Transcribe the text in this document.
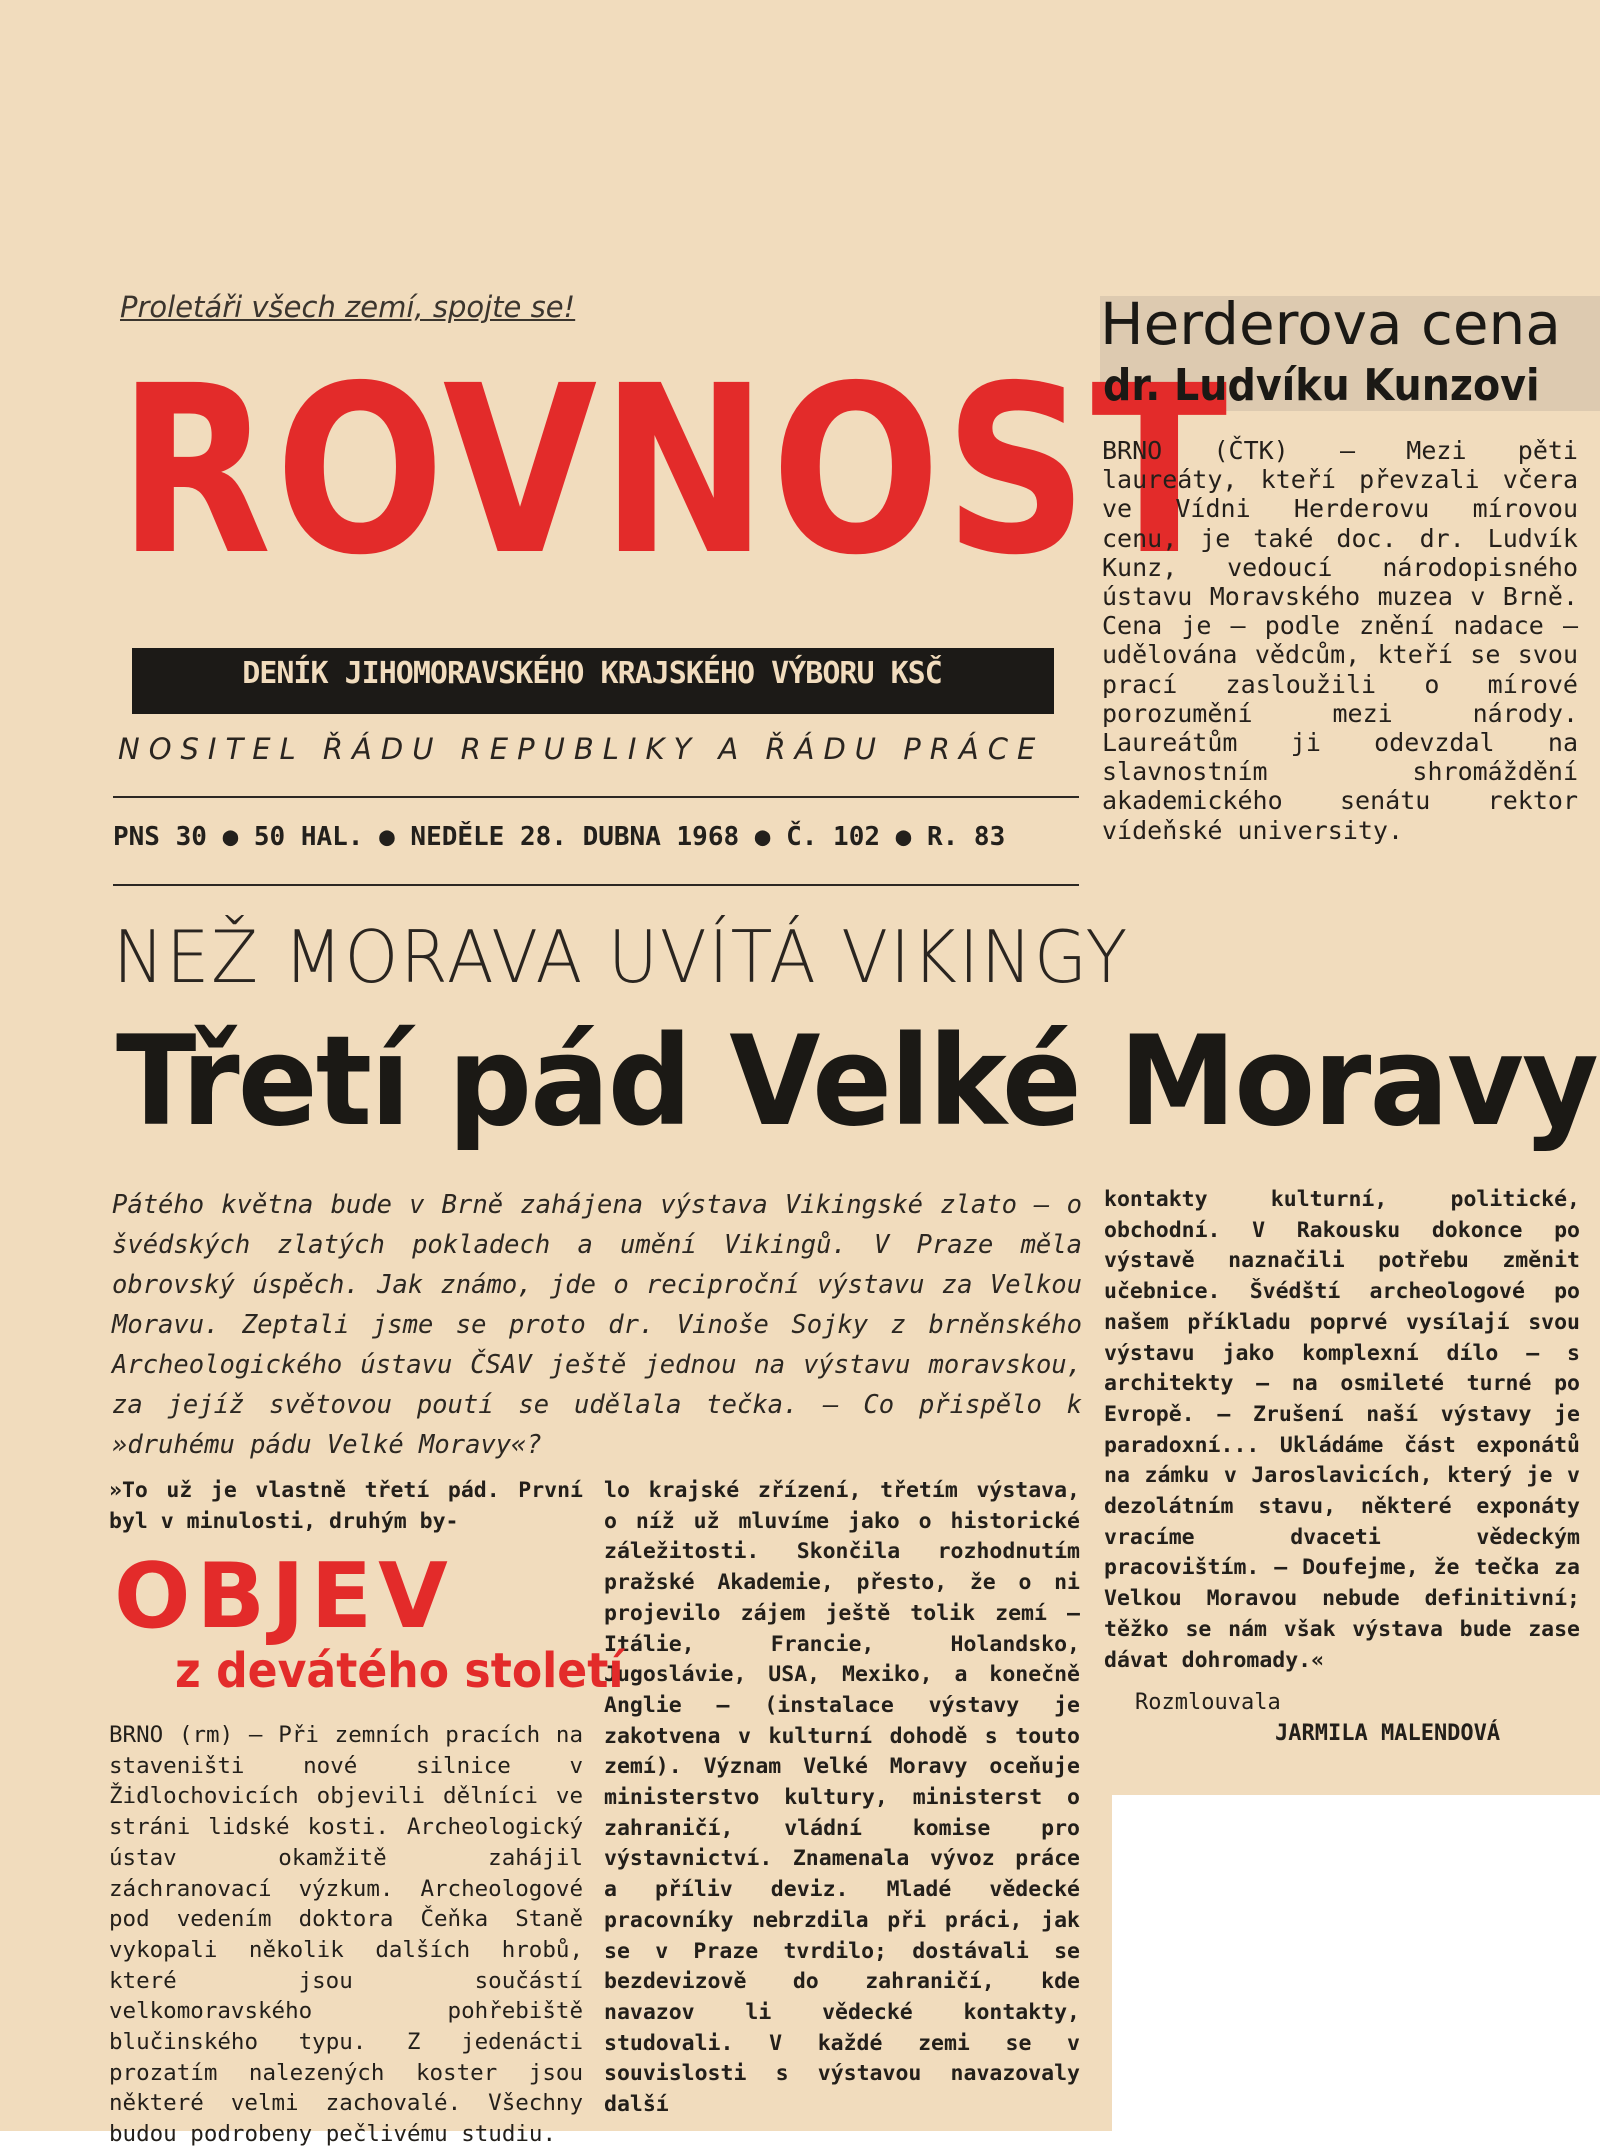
Proletáři všech zemí, spojte se!
ROVNOST
DENÍK JIHOMORAVSKÉHO KRAJSKÉHO VÝBORU KSČ
NOSITEL ŘÁDU REPUBLIKY A ŘÁDU PRÁCE
PNS 30 ● 50 HAL. ● NEDĚLE 28. DUBNA 1968 ● Č. 102 ● R. 83
Herderova cena
dr. Ludvíku Kunzovi
BRNO (ČTK) — Mezi pěti laureáty, kteří převzali včera ve Vídni Herderovu mírovou cenu, je také doc. dr. Ludvík Kunz, vedoucí národopisného ústavu Moravského muzea v Brně. Cena je — podle znění nadace — udělována vědcům, kteří se svou prací zasloužili o mírové porozumění mezi národy. Laureátům ji odevzdal na slavnostním shromáždění akademického senátu rektor vídeňské university.
NEŽ MORAVA UVÍTÁ VIKINGY
Třetí pád Velké Moravy
Pátého května bude v Brně zahájena výstava Vikingské zlato — o švédských zlatých pokladech a umění Vikingů. V Praze měla obrovský úspěch. Jak známo, jde o reciproční výstavu za Velkou Moravu. Zeptali jsme se proto dr. Vinoše Sojky z brněnského Archeologického ústavu ČSAV ještě jednou na výstavu moravskou, za jejíž světovou poutí se udělala tečka. — Co přispělo k »druhému pádu Velké Moravy«?
»To už je vlastně třetí pád. První byl v minulosti, druhým by-
lo krajské zřízení, třetím výstava, o níž už mluvíme jako o historické záležitosti. Skončila rozhodnutím pražské Akademie, přesto, že o ni projevilo zájem ještě tolik zemí — Itálie, Francie, Holandsko, Jugoslávie, USA, Mexiko, a konečně Anglie — (instalace výstavy je zakotvena v kulturní dohodě s touto zemí). Význam Velké Moravy oceňuje ministerstvo kultury, ministerst o zahraničí, vládní komise pro výstavnictví. Znamenala vývoz práce a příliv deviz. Mladé vědecké pracovníky nebrzdila při práci, jak se v Praze tvrdilo; dostávali se bezdevizově do zahraničí, kde navazov li vědecké kontakty, studovali. V každé zemi se v souvislosti s výstavou navazovaly další
kontakty kulturní, politické, obchodní. V Rakousku dokonce po výstavě naznačili potřebu změnit učebnice. Švédští archeologové po našem příkladu poprvé vysílají svou výstavu jako komplexní dílo — s architekty — na osmileté turné po Evropě. — Zrušení naší výstavy je paradoxní... Ukládáme část exponátů na zámku v Jaroslavicích, který je v dezolátním stavu, některé exponáty vracíme dvaceti vědeckým pracovištím. — Doufejme, že tečka za Velkou Moravou nebude definitivní; těžko se nám však výstava bude zase dávat dohromady.«
Rozmlouvala
JARMILA MALENDOVÁ
OBJEV
z devátého století
BRNO (rm) — Při zemních pracích na staveništi nové silnice v Židlochovicích objevili dělníci ve stráni lidské kosti. Archeologický ústav okamžitě zahájil záchranovací výzkum. Archeologové pod vedením doktora Čeňka Staně vykopali několik dalších hrobů, které jsou součástí velkomoravského pohřebiště blučinského typu. Z jedenácti prozatím nalezených koster jsou některé velmi zachovalé. Všechny budou podrobeny pečlivému studiu.
